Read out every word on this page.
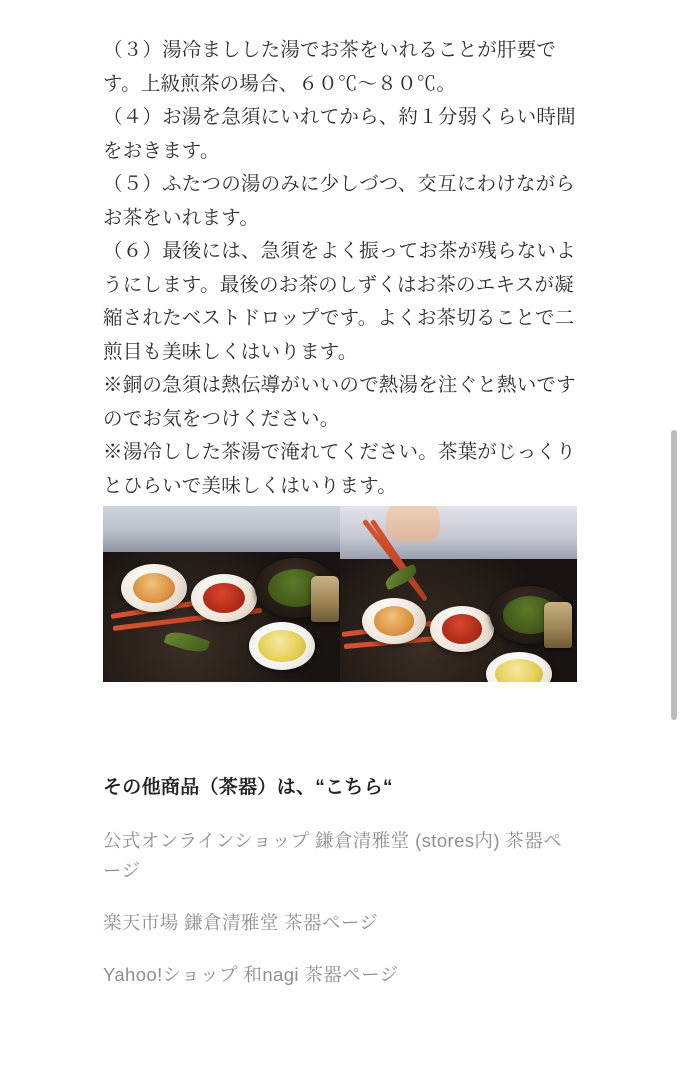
（３）湯冷ましした湯でお茶をいれることが肝要です。上級煎茶の場合、６０℃〜８０℃。

（４）お湯を急須にいれてから、約１分弱くらい時間をおきます。

（５）ふたつの湯のみに少しづつ、交互にわけながらお茶をいれます。

（６）最後には、急須をよく振ってお茶が残らないようにします。最後のお茶のしずくはお茶のエキスが凝縮されたベストドロップです。よくお茶切ることで二煎目も美味しくはいります。

※銅の急須は熱伝導がいいので熱湯を注ぐと熱いですのでお気をつけください。

※湯冷しした茶湯で淹れてください。茶葉がじっくりとひらいで美味しくはいります。

その他商品（茶器）は、“こちら“
公式オンラインショップ 鎌倉清雅堂 (stores内) 茶器ページ
楽天市場 鎌倉清雅堂 茶器ページ
Yahoo!ショップ 和nagi 茶器ページ
